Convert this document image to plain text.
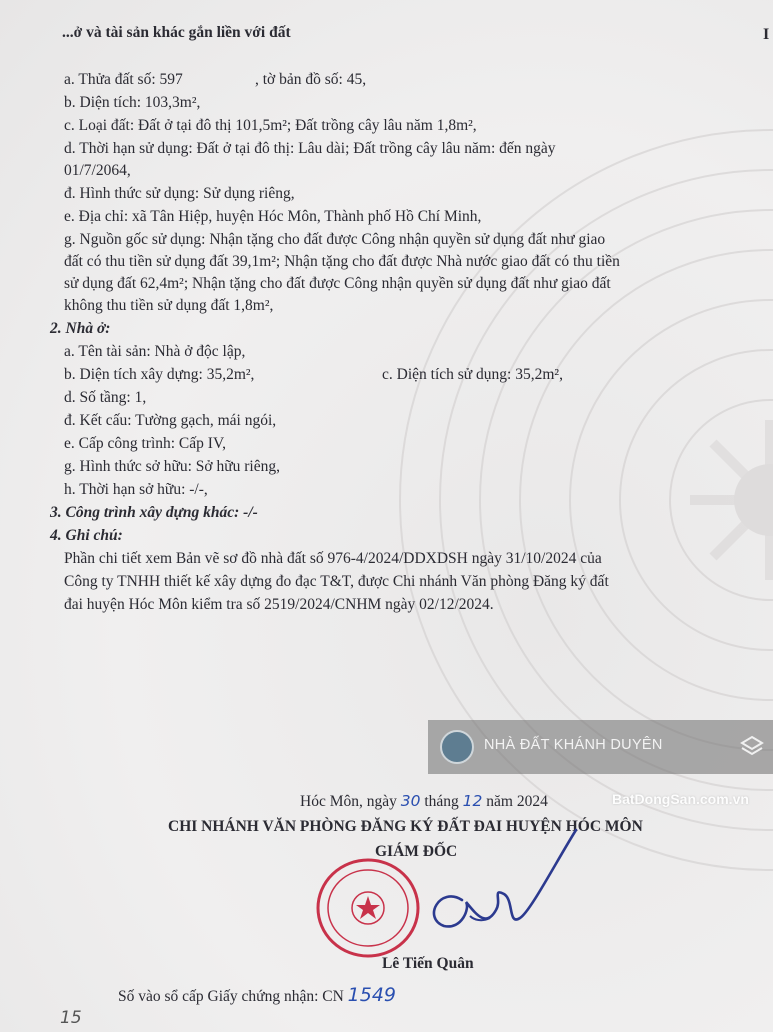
...ở và tài sản khác gắn liền với đất	I
a. Thửa đất số: 597	, tờ bản đồ số: 45,
b. Diện tích: 103,3m²,
c. Loại đất: Đất ở tại đô thị 101,5m²; Đất trồng cây lâu năm 1,8m²,
d. Thời hạn sử dụng: Đất ở tại đô thị: Lâu dài; Đất trồng cây lâu năm: đến ngày
01/7/2064,
đ. Hình thức sử dụng: Sử dụng riêng,
e. Địa chỉ: xã Tân Hiệp, huyện Hóc Môn, Thành phố Hồ Chí Minh,
g. Nguồn gốc sử dụng: Nhận tặng cho đất được Công nhận quyền sử dụng đất như giao
đất có thu tiền sử dụng đất 39,1m²; Nhận tặng cho đất được Nhà nước giao đất có thu tiền
sử dụng đất 62,4m²; Nhận tặng cho đất được Công nhận quyền sử dụng đất như giao đất
không thu tiền sử dụng đất 1,8m²,
2. Nhà ở:
a. Tên tài sản: Nhà ở độc lập,
b. Diện tích xây dựng: 35,2m²,	c. Diện tích sử dụng: 35,2m²,
d. Số tầng: 1,
đ. Kết cấu: Tường gạch, mái ngói,
e. Cấp công trình: Cấp IV,
g. Hình thức sở hữu: Sở hữu riêng,
h. Thời hạn sở hữu: -/-,
3. Công trình xây dựng khác: -/-
4. Ghi chú:
Phần chi tiết xem Bản vẽ sơ đồ nhà đất số 976-4/2024/DDXDSH ngày 31/10/2024 của
Công ty TNHH thiết kế xây dựng đo đạc T&T, được Chi nhánh Văn phòng Đăng ký đất
đai huyện Hóc Môn kiểm tra số 2519/2024/CNHM ngày 02/12/2024.
NHÀ ĐẤT KHÁNH DUYÊN
BatDongSan.com.vn
Hóc Môn, ngày 30 tháng 12 năm 2024
CHI NHÁNH VĂN PHÒNG ĐĂNG KÝ ĐẤT ĐAI HUYỆN HÓC MÔN
GIÁM ĐỐC
Lê Tiến Quân
Số vào sổ cấp Giấy chứng nhận: CN 1549
15
